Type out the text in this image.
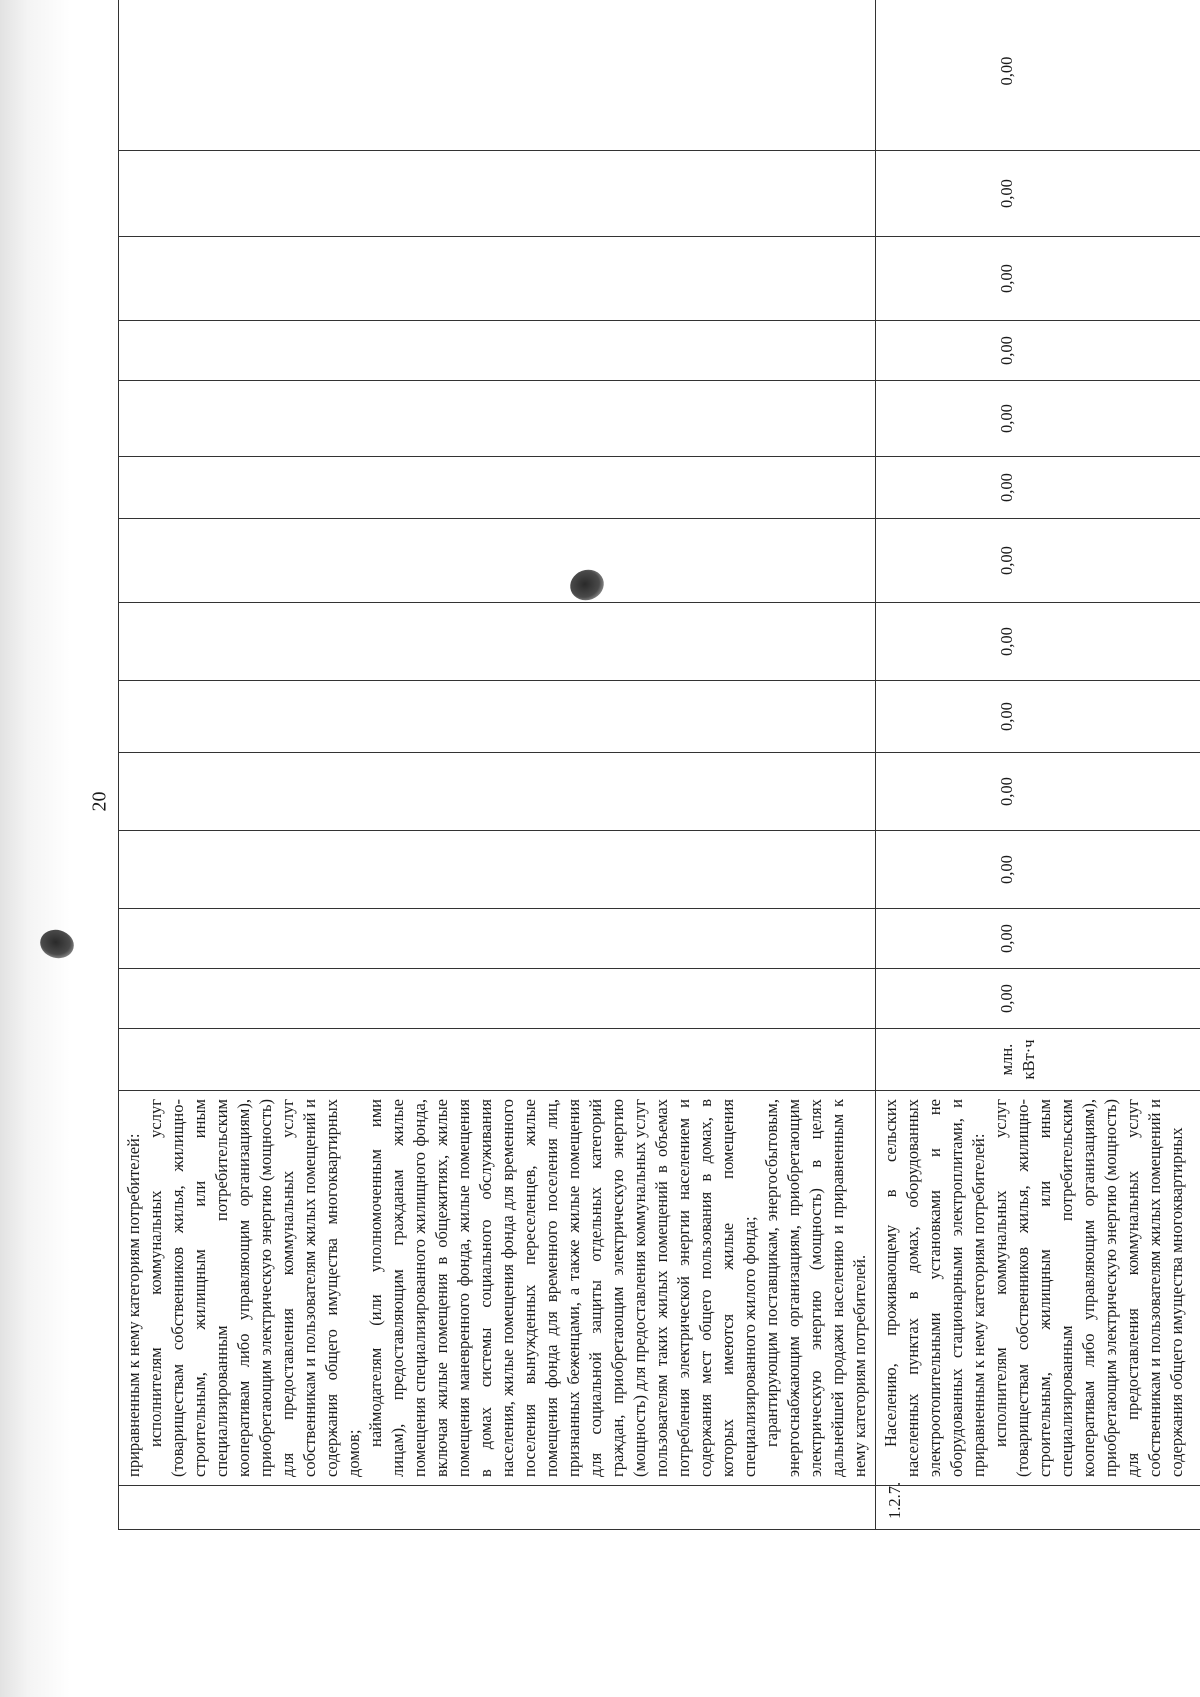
20

	приравненным к нему категориям потребителей: исполнителям коммунальных услуг (товариществам собственников жилья, жилищно-строительным, жилищным или иным специализированным потребительским кооперативам либо управляющим организациям), приобретающим электрическую энергию (мощность) для предоставления коммунальных услуг собственникам и пользователям жилых помещений и содержания общего имущества многоквартирных домов;

наймодателям (или уполномоченным ими лицам), предоставляющим гражданам жилые помещения специализированного жилищного фонда, включая жилые помещения в общежитиях, жилые помещения маневренного фонда, жилые помещения в домах системы социального обслуживания населения, жилые помещения фонда для временного поселения вынужденных переселенцев, жилые помещения фонда для временного поселения лиц, признанных беженцами, а также жилые помещения для социальной защиты отдельных категорий граждан, приобретающим электрическую энергию (мощность) для предоставления коммунальных услуг пользователям таких жилых помещений в объемах потребления электрической энергии населением и содержания мест общего пользования в домах, в которых имеются жилые помещения специализированного жилого фонда; гарантирующим поставщикам, энергосбытовым, энергоснабжающим организациям, приобретающим электрическую энергию (мощность) в целях дальнейшей продажи населению и приравненным к нему категориям потребителей.														

1.2.7.	Населению, проживающему в сельских населенных пунктах в домах, оборудованных электроотопительными установками и не оборудованных стационарными электроплитами, и приравненным к нему категориям потребителей: исполнителям коммунальных услуг (товариществам собственников жилья, жилищно-строительным, жилищным или иным специализированным потребительским кооперативам либо управляющим организациям), приобретающим электрическую энергию (мощность) для предоставления коммунальных услуг собственникам и пользователям жилых помещений и содержания общего имущества многоквартирных	млн. кВт·ч	0,00	0,00	0,00	0,00	0,00	0,00	0,00	0,00	0,00	0,00	0,00	0,00	0,00
